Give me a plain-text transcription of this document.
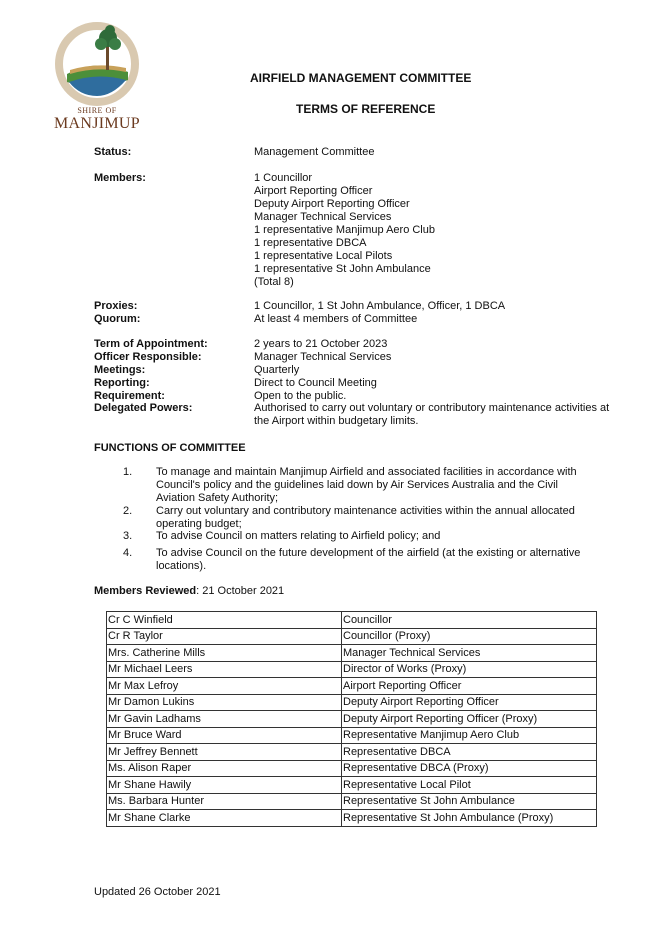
SHIRE OF
MANJIMUP
AIRFIELD MANAGEMENT COMMITTEE
TERMS OF REFERENCE
Status:	Management Committee
Members:	1 Councillor
Airport Reporting Officer
Deputy Airport Reporting Officer
Manager Technical Services
1 representative Manjimup Aero Club
1 representative DBCA
1 representative Local Pilots
1 representative St John Ambulance
(Total 8)
Proxies:	1 Councillor, 1 St John Ambulance, Officer, 1 DBCA
Quorum:	At least 4 members of Committee
Term of Appointment:	2 years to 21 October 2023
Officer Responsible:	Manager Technical Services
Meetings:	Quarterly
Reporting:	Direct to Council Meeting
Requirement:	Open to the public.
Delegated Powers:	Authorised to carry out voluntary or contributory maintenance activities at the Airport within budgetary limits.
FUNCTIONS OF COMMITTEE
1. To manage and maintain Manjimup Airfield and associated facilities in accordance with Council's policy and the guidelines laid down by Air Services Australia and the Civil Aviation Safety Authority;
2. Carry out voluntary and contributory maintenance activities within the annual allocated operating budget;
3. To advise Council on matters relating to Airfield policy; and
4. To advise Council on the future development of the airfield (at the existing or alternative locations).
Members Reviewed: 21 October 2021
Cr C Winfield	Councillor
Cr R Taylor	Councillor (Proxy)
Mrs. Catherine Mills	Manager Technical Services
Mr Michael Leers	Director of Works (Proxy)
Mr Max Lefroy	Airport Reporting Officer
Mr Damon Lukins	Deputy Airport Reporting Officer
Mr Gavin Ladhams	Deputy Airport Reporting Officer (Proxy)
Mr Bruce Ward	Representative Manjimup Aero Club
Mr Jeffrey Bennett	Representative DBCA
Ms. Alison Raper	Representative DBCA (Proxy)
Mr Shane Hawily	Representative Local Pilot
Ms. Barbara Hunter	Representative St John Ambulance
Mr Shane Clarke	Representative St John Ambulance (Proxy)
Updated 26 October 2021
